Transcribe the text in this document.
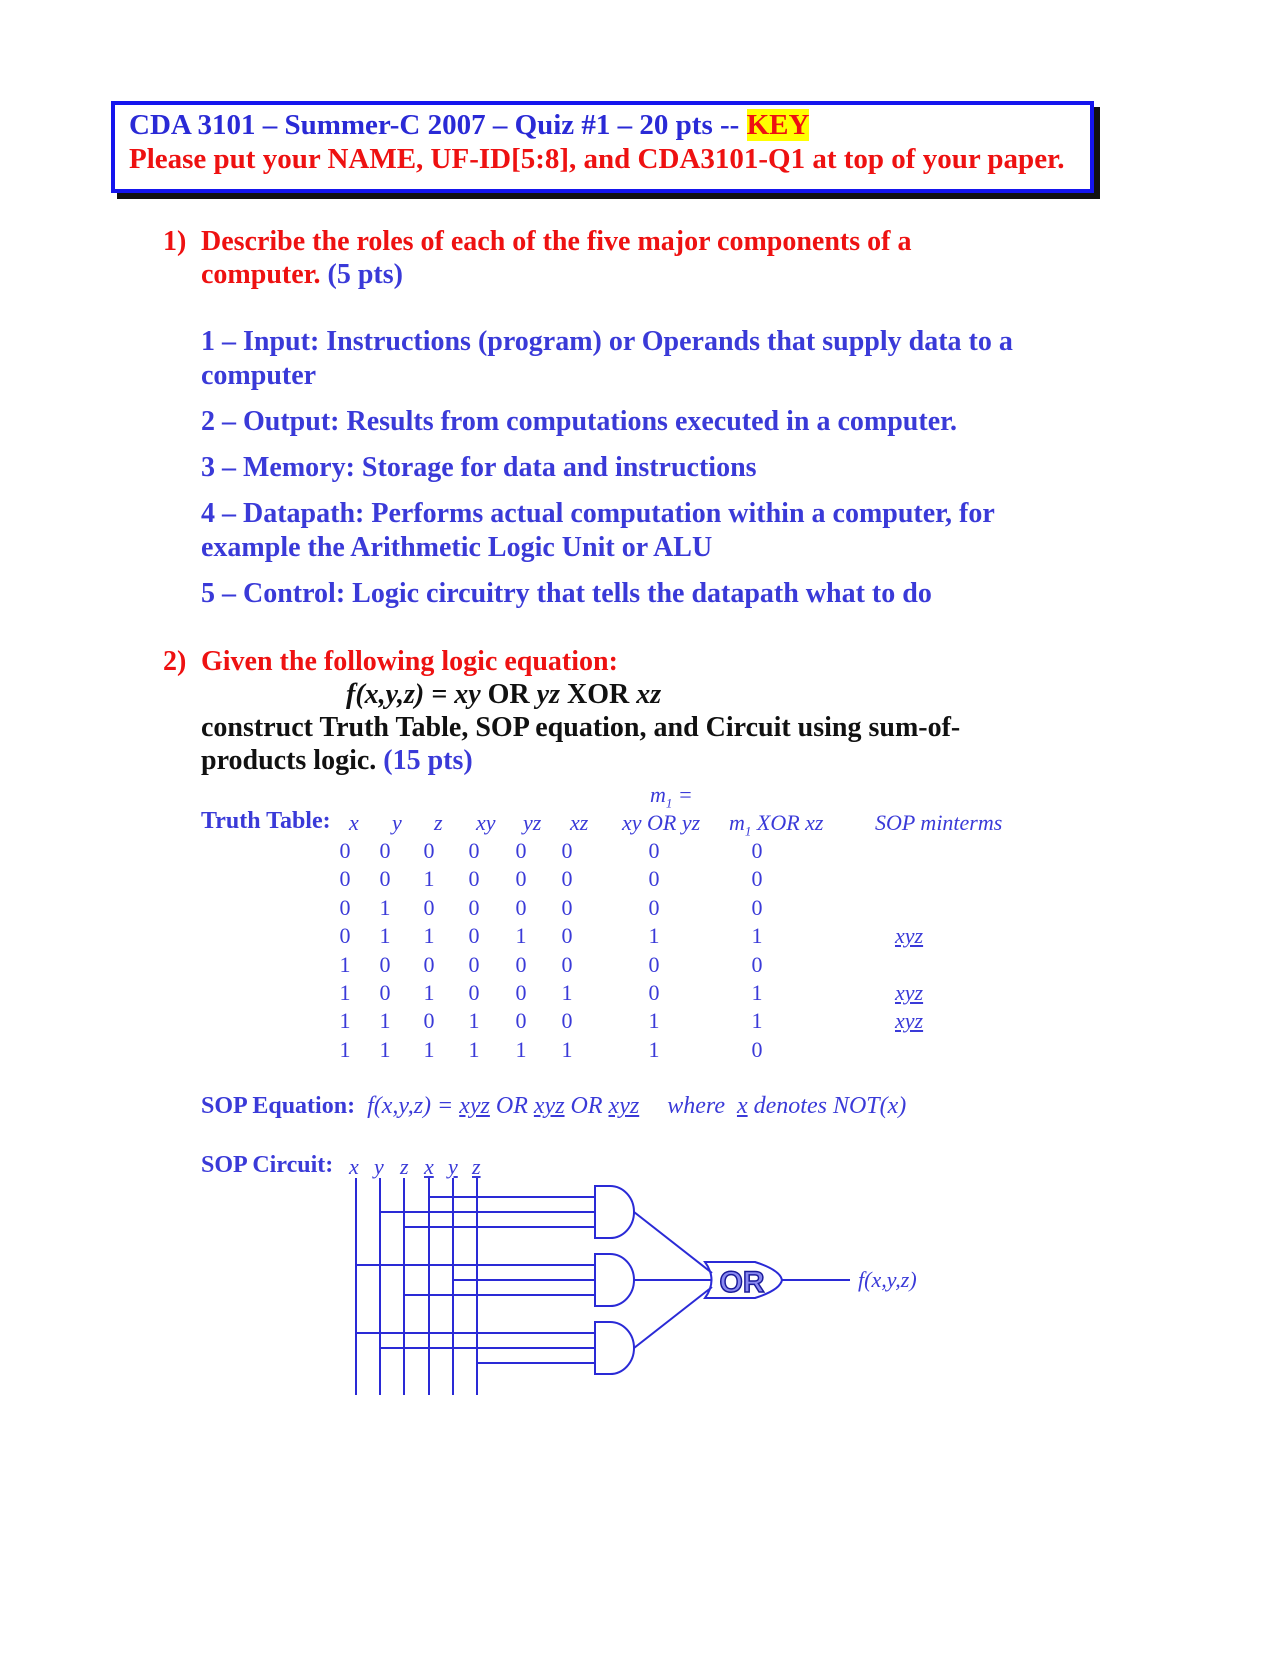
CDA 3101 – Summer-C 2007 – Quiz #1 – 20 pts -- KEY
Please put your NAME, UF-ID[5:8], and CDA3101-Q1 at top of your paper.
1) Describe the roles of each of the five major components of a
computer. (5 pts)
1 – Input: Instructions (program) or Operands that supply data to a
computer
2 – Output: Results from computations executed in a computer.
3 – Memory: Storage for data and instructions
4 – Datapath: Performs actual computation within a computer, for
example the Arithmetic Logic Unit or ALU
5 – Control: Logic circuitry that tells the datapath what to do
2) Given the following logic equation:
f(x,y,z) = xy OR yz XOR xz
construct Truth Table, SOP equation, and Circuit using sum-of-
products logic. (15 pts)
Truth Table: x y z xy yz xz
$m_1$ =
xy OR yz $m_1$ XOR xz SOP minterms
0 0 0 0 0 0	0	0
0 0 1 0 0 0	0	0
0 1 0 0 0 0	0	0
0 1 1 0 1 0	1	1	xyz
1 0 0 0 0 0	0	0
1 0 1 0 0 1	0	1	xyz
1 1 0 1 0 0	1	1	xyz
1 1 1 1 1 1	1	0
SOP Equation: f(x,y,z) = xyz OR xyz OR xyz where x denotes NOT(x)
SOP Circuit: x y z x y z
OR	f(x,y,z)
